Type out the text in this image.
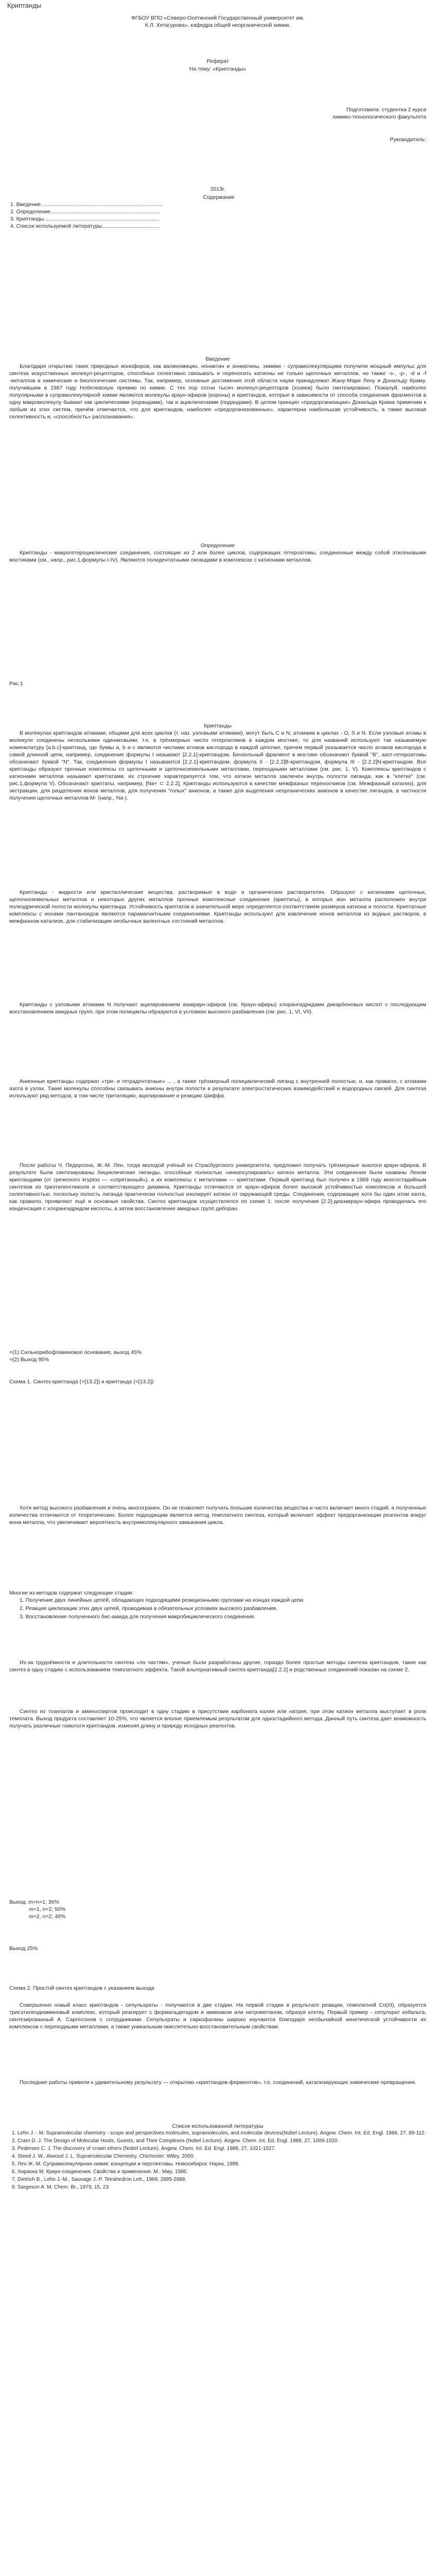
Криптанды
ФГБОУ ВПО «Северо-Осетинский Государственный университет им.
К.Л. Хетагурова», кафедра общей неорганической химии.
Реферат
На тему: «Криптанды»
Подготовила: студентка 2 курса
химико-технологического факультета
Руководитель:
2013г.
Содержание
1. Введение.................................................................................
2. Определение.........................................................................
3. Криптанды.............................................................................
4. Список используемой литературы......................................
Введение

Благодаря открытию таких природных ионофоров, как валиномицин, нонактин и энниатины, химики - супрамолекулярщики получили мощный импульс для синтеза искусственных молекул-рецепторов, способных селективно связывать и переносить катионы не только щелочных металлов, но также -s-, -p-, -d и -f -металлов в химические и биологические системы. Так, например, основные достижения этой области науки принадлежат Жану-Мари Лену и Дональду Краму, получившим в 1987 году Нобелевскую премию по химии. С тех пор сотни тысяч молекул-рецепторов (хозяев) было синтезировано. Пожалуй, наиболее популярными в супрамолекулярной химии являются молекулы краун-эфиров (короны) и криптандов, которые в зависимости от способа соединения фрагментов в одну макромолекулу бывают как циклическими (корандами), так и ациклическими (подандами). В целом принцип «предорганизации» Дональда Крама применим к любым из этих систем, причём отмечается, что для криптандов, наиболее «предорганизованных», характерна наибольшая устойчивость, а также высокая селективность и, «способность» распознавания».

Определение

Криптанды - макрогетероциклические соединения, состоящие из 2 или более циклов, содержащих гетероатомы, соединенные между собой этиленовыми мостиками (см., напр., рис.1,формулы I-IV). Являются полидентатными лигандами в комплексах с катионами металлов.

Рис.1
Криптанды

В молекулах криптандов атомами, общими для всех циклов (т. наз. узловыми атомами), могут быть C и N; атомами в циклах - O, S и N. Если узловые атомы в молекуле соединены несколькими одинаковыми, т.е. в трёхмерных число гетероатомов в каждом мостике, то для названий используют так называемую номенклатуру [a.b.c]-криптанд, где буквы a, b и с являются числами атомов кислорода в каждой цепочке, причем первый указывается число атомов кислорода в самой длинной цепи, например, соединение формулы I называют [2.2.1]-криптандом. Бензольный фрагмент в мостике обозначают буквой "B", азот-гетероатомы обозначают буквой "N". Так, соединения формулы I называются [2.2.1]-криптандом, формула II - [2.2.2]B-криптандом, формула III - [2.2.2]N-криптандом. Все криптанды образуют прочные комплексы со щелочными и щелочноземельными металлами, переходными металлами (см. рис. 1, V). Комплексы криптандов с катионами металлов называют криптатами, их строение характеризуется тем, что катион металла заключен внутрь полости лиганда, как в "клетке" (см. рис.1,формула V). Обозначают криптаты, например, [Na+ ⊂ 2.2.2]. Криптанды используются в качестве межфазных переносчиков (см. Межфазный катализ), для экстракции, для разделения ионов металлов, для получения "голых" анионов, а также для выделения неорганических анионов в качестве лигандов, в частности получения щелочных металлов M- (напр., Na-).

Криптанды - жидкости или кристаллические вещества, растворимые в воде и органических растворителях. Образуют с катионами щелочных, щелочноземельных металлов и некоторых других металлов прочные комплексные соединения (криптаты), в которых ион металла расположен внутри полиэдрической полости молекулы криптанда. Устойчивость криптатов в значительной мере определяется соответствием размеров катиона и полости. Криптатные комплексы с ионами лантаноидов являются парамагнитными соединениями. Криптанды используют для извлечения ионов металлов из водных растворов, в межфазном катализе, для стабилизации необычных валентных состояний металлов.

Криптанды с узловыми атомами N получают ацилированием азакраун-эфиров (см. Краун-эфиры) хлорангидридами дикарбоновых кислот с последующим восстановлением амидных групп, при этом полициклы образуются в условиях высокого разбавления (см. рис. 1, VI, VII).

Анионные криптанды содержат «три- и тетрадентатные» ... , а также трёхмерный полициклический лиганд с внутренней полостью, и, как правило, с атомами азота в узлах. Такие молекулы способны связывать анионы внутри полости в результате электростатических взаимодействий и водородных связей. Для синтеза используют ряд методов, в том числе тритиляцию, ацилирование и реакцию Шиффа.

После работы Ч. Педерсена, Ж.-М. Лен, тогда молодой учёный из Страсбургского университета, предложил получать трёхмерные аналоги краун-эфиров. В результате были синтезированы бициклические лиганды, способные полностью «инкапсулировать» катион металла. Эти соединения были названы Леном криптандами (от греческого kryptos — «спрятанный»), а их комплексы с металлами — криптатами. Первый криптанд был получен в 1969 году многостадийным синтезом из триэтиленгликоля и соответствующего диамина. Криптанды отличаются от краун-эфиров более высокой устойчивостью комплексов и большей селективностью, поскольку полость лиганда практически полностью изолирует катион от окружающей среды. Соединения, содержащие хотя бы один атом азота, как правило, проявляют ещё и основные свойства. Синтез криптандов осуществлялся по схеме 1: после получения [2.2]-диазакраун-эфира проводилась его конденсация с хлорангидридом кислоты, а затем восстановление амидных групп диборан.

=(1) Сильнорибофлавиновое основание, выход 45%
=(2) Выход 95%
Схема 1. Синтез криптанда (=[13.2]) и криптанда (=[13.2])

Хотя метод высокого разбавления и очень многогранен. Он не позволяет получать большие количества вещества и часто включает много стадий, а полученные количества отличаются от теоретических. Более подходящим является метод темплатного синтеза, который включает эффект предорганизации реагентов вокруг иона металла, что увеличивает вероятность внутримолекулярного замыкания цикла.

Многие из методов содержат следующие стадии:
1. Получение двух линейных цепей, обладающих подходящими реакционными группами на концах каждой цепи.
2. Реакция циклизации этих двух цепей, проводимая в обязательных условиях высокого разбавления.
3. Восстановление полученного бис-амида для получения макробициклического соединения.

Из-за трудоёмкости и длительности синтеза «по частям», ученые были разработаны другие, гораздо более простые методы синтеза криптандов, такие как синтез в одну стадию с использованием темплатного эффекта. Такой альтернативный синтез криптанда[2.2.2] и родственных соединений показан на схеме 2.

Синтез из тозилатов и аминоспиртов происходит в одну стадию в присутствии карбоната калия или натрия, при этом катион металла выступает в роли темплата. Выход продукта составляет 10-25%, что является вполне приемлемым результатом для одностадийного метода. Данный путь синтеза дает возможность получать различные гомологи криптандов, изменяя длину и природу исходных реагентов.

Выход: m=n=1; 36%
m=1, n=2; 50%
m=2, n=2; 40%
Выход 25%
Схема 2. Простой синтез криптандов с указанием выхода

Совершенно новый класс криптандов - сепульхраты - получаются в две стадии. На первой стадии в результате реакции, темплатной Co(III), образуется трисэтилендиаминовый комплекс, который реагирует с формальдегидом и аммиаком или нитрометаном, образуя клетку. Первый пример - сепулхрат кобальта, синтезированный А. Саргесоном с сотрудниками. Сепульхраты и саркофагины широко изучаются благодаря необычайной кинетической устойчивости их комплексов с переходными металлами, а также уникальным окислительно-восстановительным свойствам.

Последние работы привели к удивительному результату — открытию «криптандов-ферментов», т.е. соединений, катализирующих химические превращения.

Список использованной литературы
1. Lehn J. - M. Supramolecular chemistry - scope and perspectives molecules, supramolecules, and molecular devices(Nobel Lecture). Angew. Chem. Int. Ed. Engl. 1988, 27, 89-112.
2. Cram D. J. The Design of Molecular Hosts, Guests, and Their Complexes (Nobel Lecture). Angew. Chem. Int. Ed. Engl. 1988, 27, 1009-1020.
3. Pedersen C. J. The discovery of crown ethers (Nobel Lecture). Angew. Chem. Int. Ed. Engl. 1988, 27, 1021-1027.
4. Steed J. W., Atwood J. L. Supramolecular Chemistry. Chichester: Wiley, 2000.
5. Лен Ж.-М. Супрамолекулярная химия: концепции и перспективы. Новосибирск: Наука, 1998.
6. Хираока М. Краун-соединения. Свойства и применения. М.: Мир, 1986.
7. Dietrich B., Lehn J.-M., Sauvage J.-P. Tetrahedron Lett., 1969, 2885-2888.
8. Sargeson A. M. Chem. Br., 1979, 15, 23.
